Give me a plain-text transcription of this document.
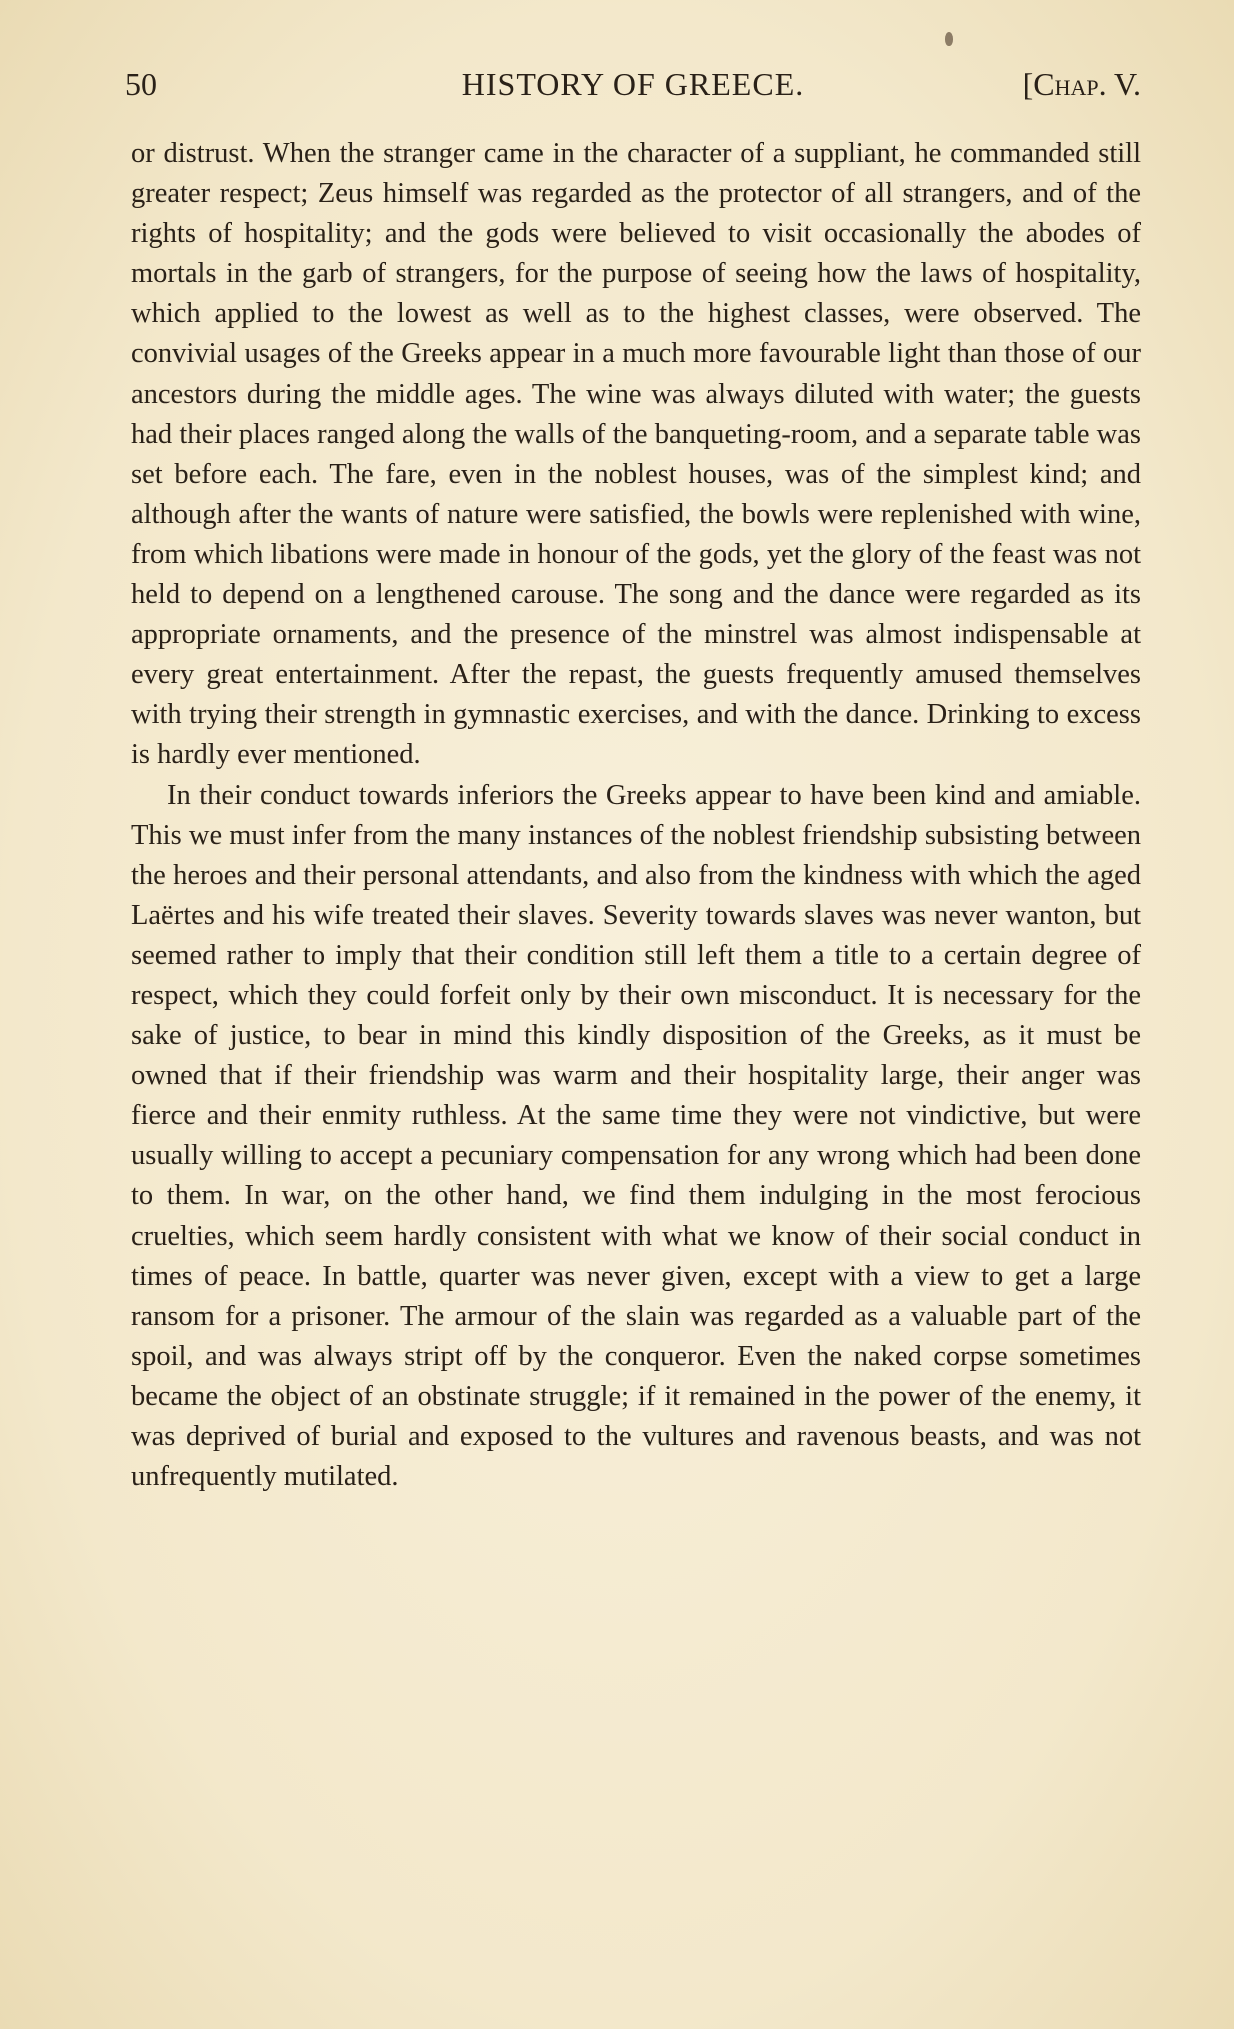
50	HISTORY OF GREECE.	[Chap. V.

or distrust. When the stranger came in the character of a suppliant, he commanded still greater respect; Zeus himself was regarded as the protector of all strangers, and of the rights of hospitality; and the gods were believed to visit occasionally the abodes of mortals in the garb of strangers, for the purpose of seeing how the laws of hospitality, which applied to the lowest as well as to the highest classes, were observed. The convivial usages of the Greeks appear in a much more favourable light than those of our ancestors during the middle ages. The wine was always diluted with water; the guests had their places ranged along the walls of the banqueting-room, and a separate table was set before each. The fare, even in the noblest houses, was of the simplest kind; and although after the wants of nature were satisfied, the bowls were replenished with wine, from which libations were made in honour of the gods, yet the glory of the feast was not held to depend on a lengthened carouse. The song and the dance were regarded as its appropriate ornaments, and the presence of the minstrel was almost indispensable at every great entertainment. After the repast, the guests frequently amused themselves with trying their strength in gymnastic exercises, and with the dance. Drinking to excess is hardly ever mentioned.

In their conduct towards inferiors the Greeks appear to have been kind and amiable. This we must infer from the many instances of the noblest friendship subsisting between the heroes and their personal attendants, and also from the kindness with which the aged Laërtes and his wife treated their slaves. Severity towards slaves was never wanton, but seemed rather to imply that their condition still left them a title to a certain degree of respect, which they could forfeit only by their own misconduct. It is necessary for the sake of justice, to bear in mind this kindly disposition of the Greeks, as it must be owned that if their friendship was warm and their hospitality large, their anger was fierce and their enmity ruthless. At the same time they were not vindictive, but were usually willing to accept a pecuniary compensation for any wrong which had been done to them. In war, on the other hand, we find them indulging in the most ferocious cruelties, which seem hardly consistent with what we know of their social conduct in times of peace. In battle, quarter was never given, except with a view to get a large ransom for a prisoner. The armour of the slain was regarded as a valuable part of the spoil, and was always stript off by the conqueror. Even the naked corpse sometimes became the object of an obstinate struggle; if it remained in the power of the enemy, it was deprived of burial and exposed to the vultures and ravenous beasts, and was not unfrequently mutilated.
